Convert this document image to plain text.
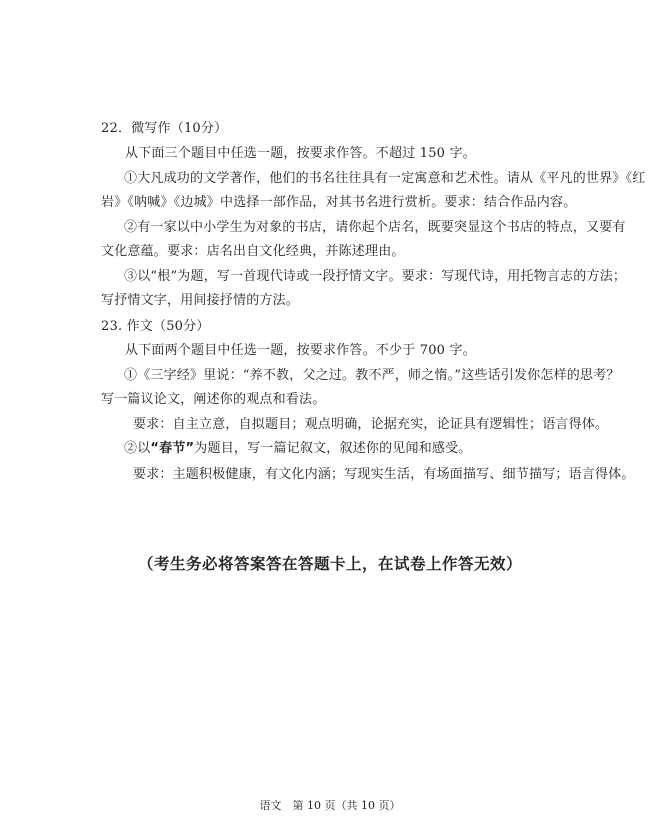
22．微写作（10分）
从下面三个题目中任选一题，按要求作答。不超过 150 字。
①大凡成功的文学著作，他们的书名往往具有一定寓意和艺术性。请从《平凡的世界》《红
岩》《呐喊》《边城》中选择一部作品，对其书名进行赏析。要求：结合作品内容。
②有一家以中小学生为对象的书店，请你起个店名，既要突显这个书店的特点，又要有
文化意蕴。要求：店名出自文化经典，并陈述理由。
③以“根”为题，写一首现代诗或一段抒情文字。要求：写现代诗，用托物言志的方法；
写抒情文字，用间接抒情的方法。
23. 作文（50分）
从下面两个题目中任选一题，按要求作答。不少于 700 字。
①《三字经》里说：“养不教，父之过。教不严，师之惰。”这些话引发你怎样的思考？
写一篇议论文，阐述你的观点和看法。
要求：自主立意，自拟题目；观点明确，论据充实，论证具有逻辑性；语言得体。
②以“春节”为题目，写一篇记叙文，叙述你的见闻和感受。
要求：主题积极健康，有文化内涵；写现实生活，有场面描写、细节描写；语言得体。
（考生务必将答案答在答题卡上，在试卷上作答无效）
语文　第 10 页（共 10 页）
